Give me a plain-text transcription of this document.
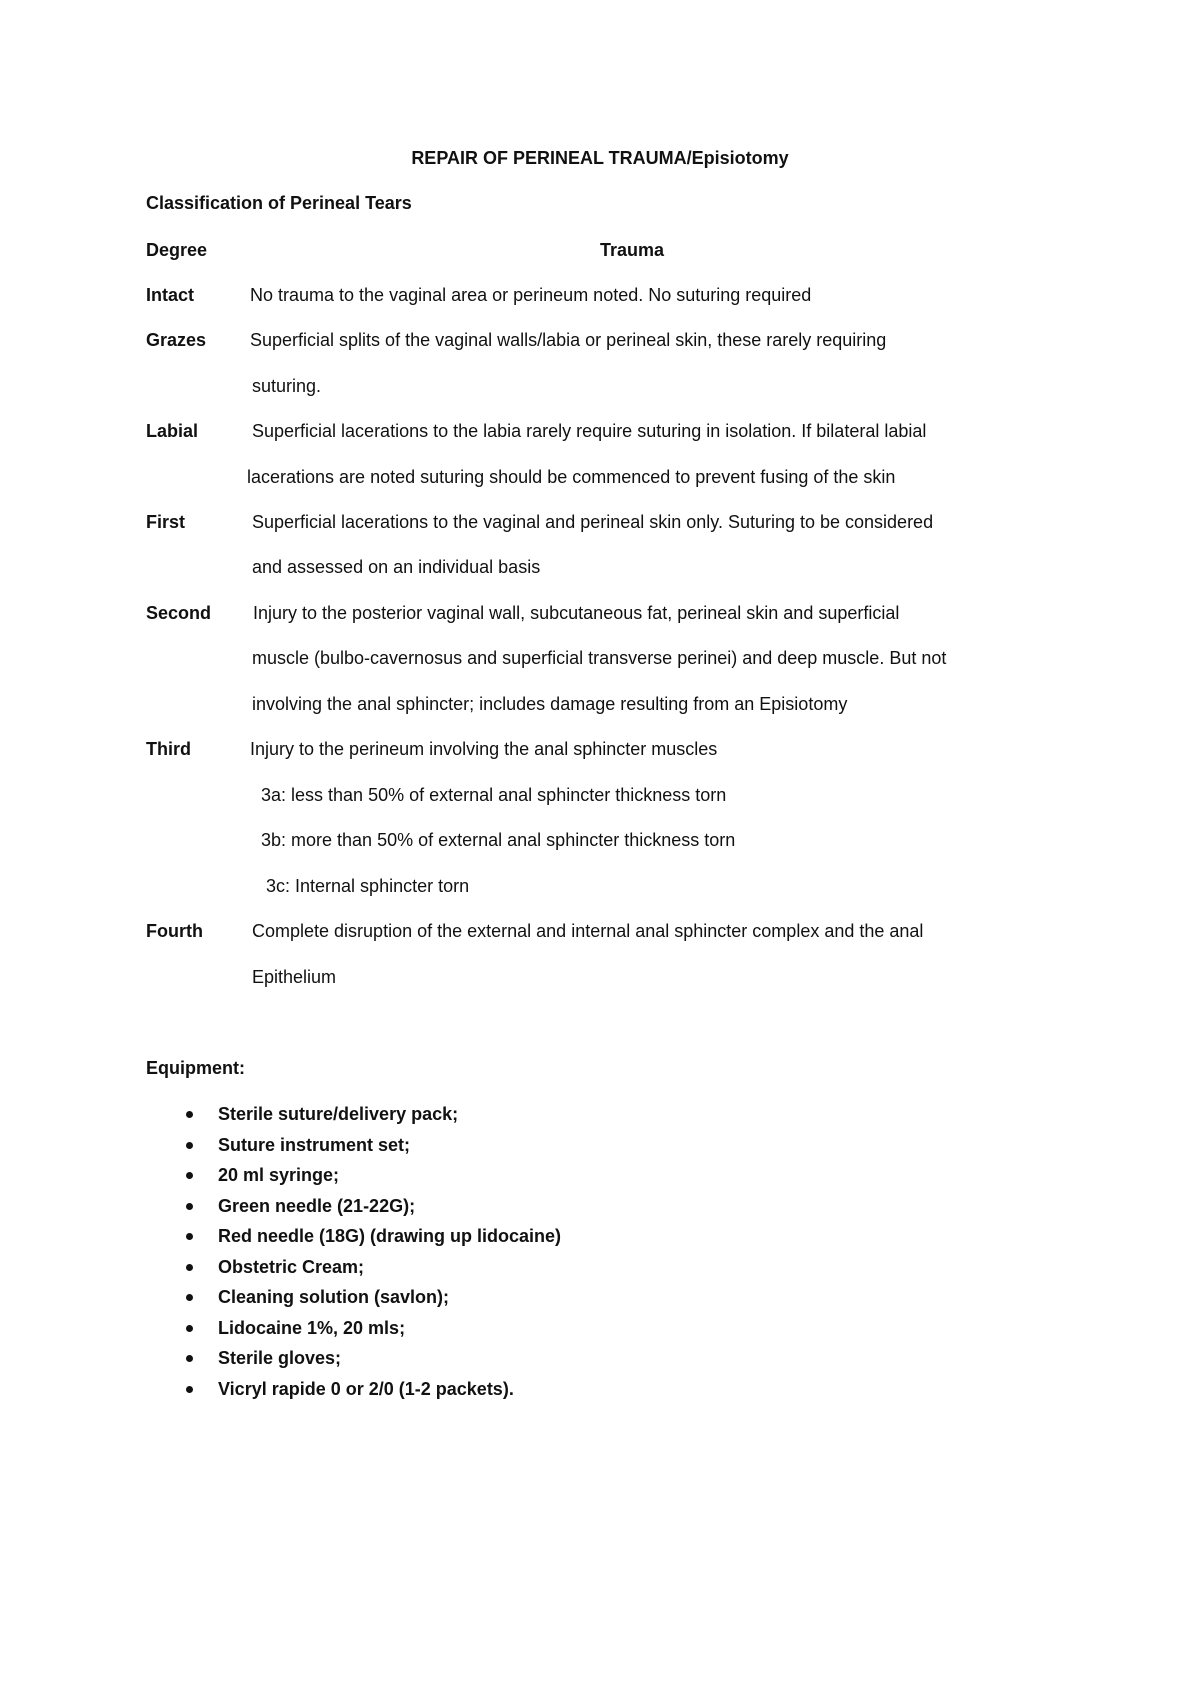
REPAIR OF PERINEAL TRAUMA/Episiotomy
Classification of Perineal Tears
Degree	Trauma
Intact	No trauma to the vaginal area or perineum noted. No suturing required
Grazes Superficial splits of the vaginal walls/labia or perineal skin, these rarely requiring
suturing.
Labial	Superficial lacerations to the labia rarely require suturing in isolation. If bilateral labial
lacerations are noted suturing should be commenced to prevent fusing of the skin
First	Superficial lacerations to the vaginal and perineal skin only. Suturing to be considered
and assessed on an individual basis
Second Injury to the posterior vaginal wall, subcutaneous fat, perineal skin and superficial
muscle (bulbo-cavernosus and superficial transverse perinei) and deep muscle. But not
involving the anal sphincter; includes damage resulting from an Episiotomy
Third	Injury to the perineum involving the anal sphincter muscles
3a: less than 50% of external anal sphincter thickness torn
3b: more than 50% of external anal sphincter thickness torn
3c: Internal sphincter torn
Fourth	Complete disruption of the external and internal anal sphincter complex and the anal
Epithelium
Equipment:
Sterile suture/delivery pack;
Suture instrument set;
20 ml syringe;
Green needle (21-22G);
Red needle (18G) (drawing up lidocaine)
Obstetric Cream;
Cleaning solution (savlon);
Lidocaine 1%, 20 mls;
Sterile gloves;
Vicryl rapide 0 or 2/0 (1-2 packets).
